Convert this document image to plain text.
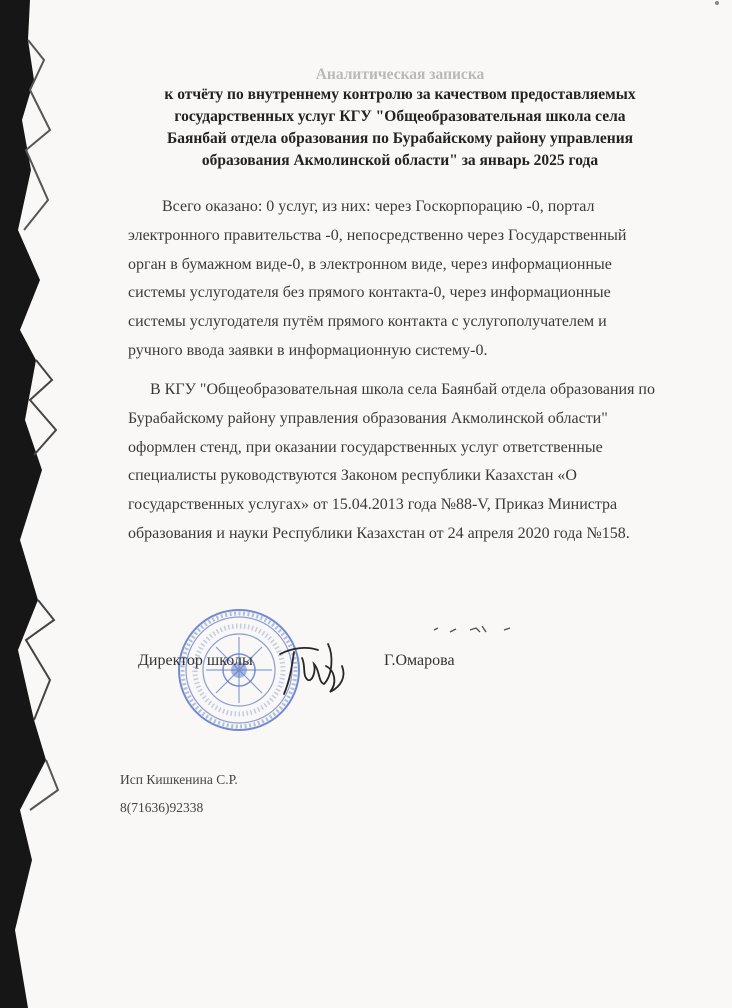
Аналитическая записка
к отчёту по внутреннему контролю за качеством предоставляемых
государственных услуг КГУ "Общеобразовательная школа села
Баянбай отдела образования по Бурабайскому району управления
образования Акмолинской области" за январь 2025 года
Всего оказано: 0 услуг, из них: через Госкорпорацию -0, портал
электронного правительства -0, непосредственно через Государственный
орган в бумажном виде-0, в электронном виде, через информационные
системы услугодателя без прямого контакта-0, через информационные
системы услугодателя путём прямого контакта с услугополучателем и
ручного ввода заявки в информационную систему-0.
В КГУ "Общеобразовательная школа села Баянбай отдела образования по
Бурабайскому району управления образования Акмолинской области"
оформлен стенд, при оказании государственных услуг ответственные
специалисты руководствуются Законом республики Казахстан «О
государственных услугах» от 15.04.2013 года №88-V, Приказ Министра
образования и науки Республики Казахстан от 24 апреля 2020 года №158.
Директор школы	Г.Омарова
Исп Кишкенина С.Р.
8(71636)92338
